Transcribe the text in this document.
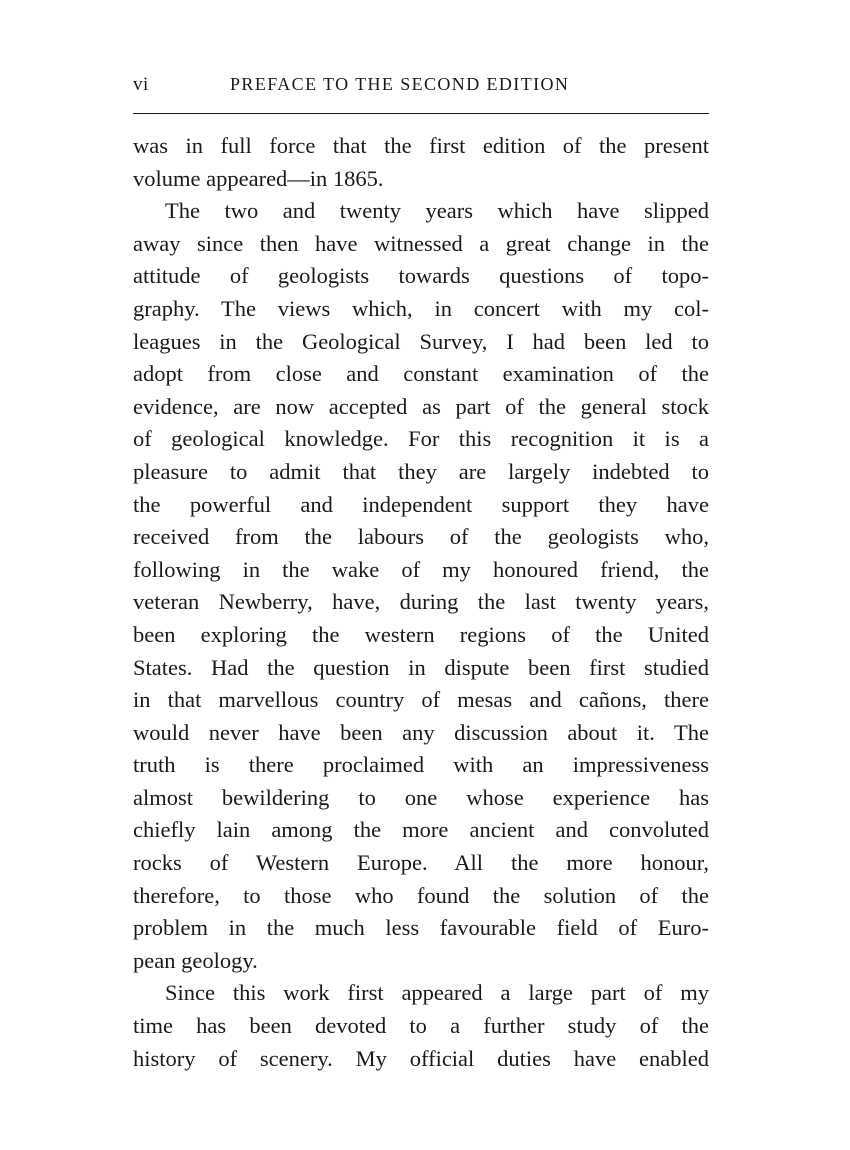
vi	PREFACE TO THE SECOND EDITION
was in full force that the first edition of the present
volume appeared—in 1865.
The two and twenty years which have slipped
away since then have witnessed a great change in the
attitude of geologists towards questions of topo-
graphy. The views which, in concert with my col-
leagues in the Geological Survey, I had been led to
adopt from close and constant examination of the
evidence, are now accepted as part of the general stock
of geological knowledge. For this recognition it is a
pleasure to admit that they are largely indebted to
the powerful and independent support they have
received from the labours of the geologists who,
following in the wake of my honoured friend, the
veteran Newberry, have, during the last twenty years,
been exploring the western regions of the United
States. Had the question in dispute been first studied
in that marvellous country of mesas and cañons, there
would never have been any discussion about it. The
truth is there proclaimed with an impressiveness
almost bewildering to one whose experience has
chiefly lain among the more ancient and convoluted
rocks of Western Europe. All the more honour,
therefore, to those who found the solution of the
problem in the much less favourable field of Euro-
pean geology.
Since this work first appeared a large part of my
time has been devoted to a further study of the
history of scenery. My official duties have enabled
